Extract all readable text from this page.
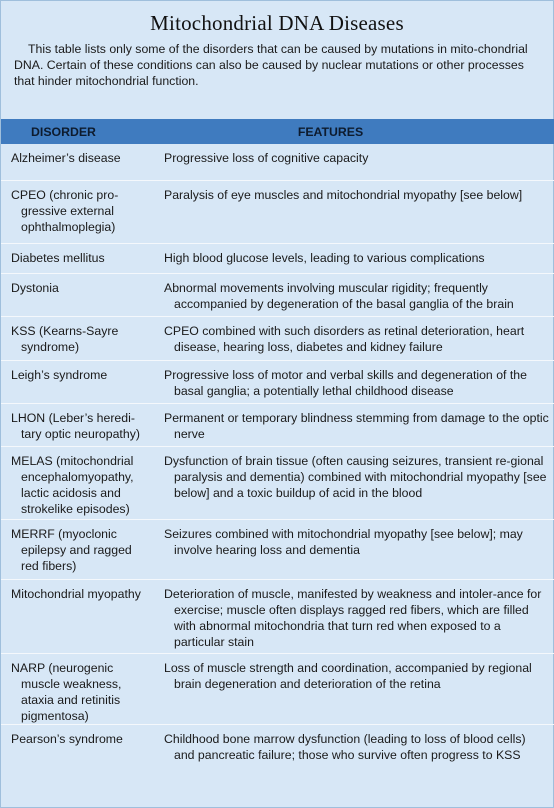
Mitochondrial DNA Diseases

This table lists only some of the disorders that can be caused by mutations in mito-chondrial DNA. Certain of these conditions can also be caused by nuclear mutations or other processes that hinder mitochondrial function.

DISORDER	FEATURES

Alzheimer’s disease	Progressive loss of cognitive capacity

CPEO (chronic pro-gressive external ophthalmoplegia)	Paralysis of eye muscles and mitochondrial myopathy [see below]

Diabetes mellitus	High blood glucose levels, leading to various complications

Dystonia	Abnormal movements involving muscular rigidity; frequently accompanied by degeneration of the basal ganglia of the brain

KSS (Kearns-Sayre syndrome)	CPEO combined with such disorders as retinal deterioration, heart disease, hearing loss, diabetes and kidney failure

Leigh’s syndrome	Progressive loss of motor and verbal skills and degeneration of the basal ganglia; a potentially lethal childhood disease

LHON (Leber’s heredi-tary optic neuropathy)	Permanent or temporary blindness stemming from damage to the optic nerve

MELAS (mitochondrial encephalomyopathy, lactic acidosis and strokelike episodes)	Dysfunction of brain tissue (often causing seizures, transient re-gional paralysis and dementia) combined with mitochondrial myopathy [see below] and a toxic buildup of acid in the blood

MERRF (myoclonic epilepsy and ragged red fibers)	Seizures combined with mitochondrial myopathy [see below]; may involve hearing loss and dementia

Mitochondrial myopathy	Deterioration of muscle, manifested by weakness and intoler-ance for exercise; muscle often displays ragged red fibers, which are filled with abnormal mitochondria that turn red when exposed to a particular stain

NARP (neurogenic muscle weakness, ataxia and retinitis pigmentosa)	Loss of muscle strength and coordination, accompanied by regional brain degeneration and deterioration of the retina

Pearson’s syndrome	Childhood bone marrow dysfunction (leading to loss of blood cells) and pancreatic failure; those who survive often progress to KSS
